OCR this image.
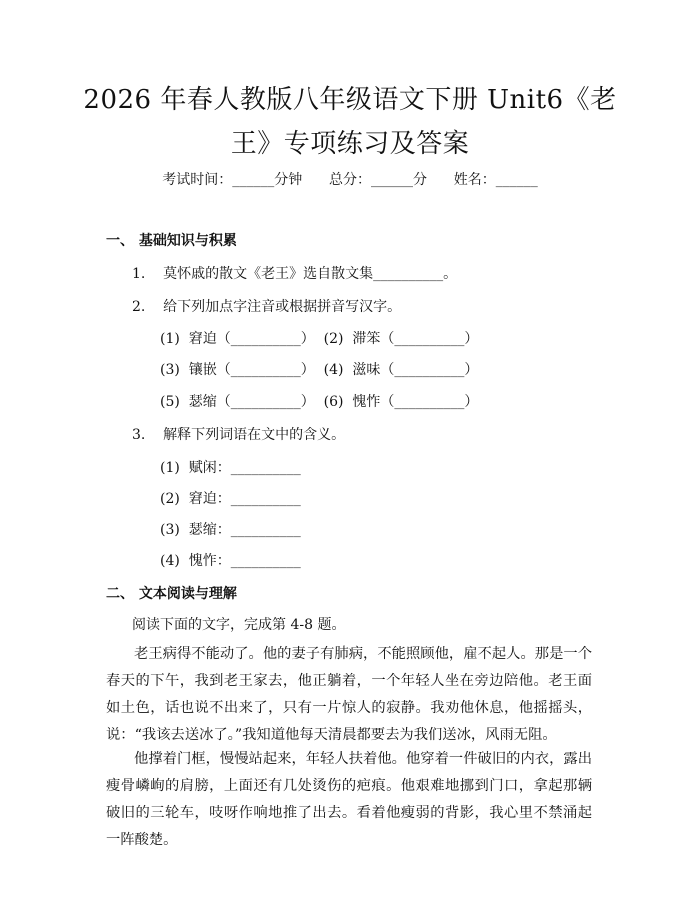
2026 年春人教版八年级语文下册 Unit6《老
王》专项练习及答案
考试时间：______分钟      总分：______分      姓名：______
一、 基础知识与积累
1.    莫怀戚的散文《老王》选自散文集__________。
2.    给下列加点字注音或根据拼音写汉字。
(1)  窘迫（__________）  (2)  滞笨（__________）
(3)  镶嵌（__________）  (4)  滋味（__________）
(5)  瑟缩（__________）  (6)  愧怍（__________）
3.    解释下列词语在文中的含义。
(1)  赋闲：__________
(2)  窘迫：__________
(3)  瑟缩：__________
(4)  愧怍：__________
二、 文本阅读与理解
阅读下面的文字，完成第 4-8 题。
老王病得不能动了。他的妻子有肺病，不能照顾他，雇不起人。那是一个春天的下午，我到老王家去，他正躺着，一个年轻人坐在旁边陪他。老王面如土色，话也说不出来了，只有一片惊人的寂静。我劝他休息，他摇摇头，说：“我该去送冰了。”我知道他每天清晨都要去为我们送冰，风雨无阻。
他撑着门框，慢慢站起来，年轻人扶着他。他穿着一件破旧的内衣，露出瘦骨嶙峋的肩膀，上面还有几处烫伤的疤痕。他艰难地挪到门口，拿起那辆破旧的三轮车，吱呀作响地推了出去。看着他瘦弱的背影，我心里不禁涌起一阵酸楚。
